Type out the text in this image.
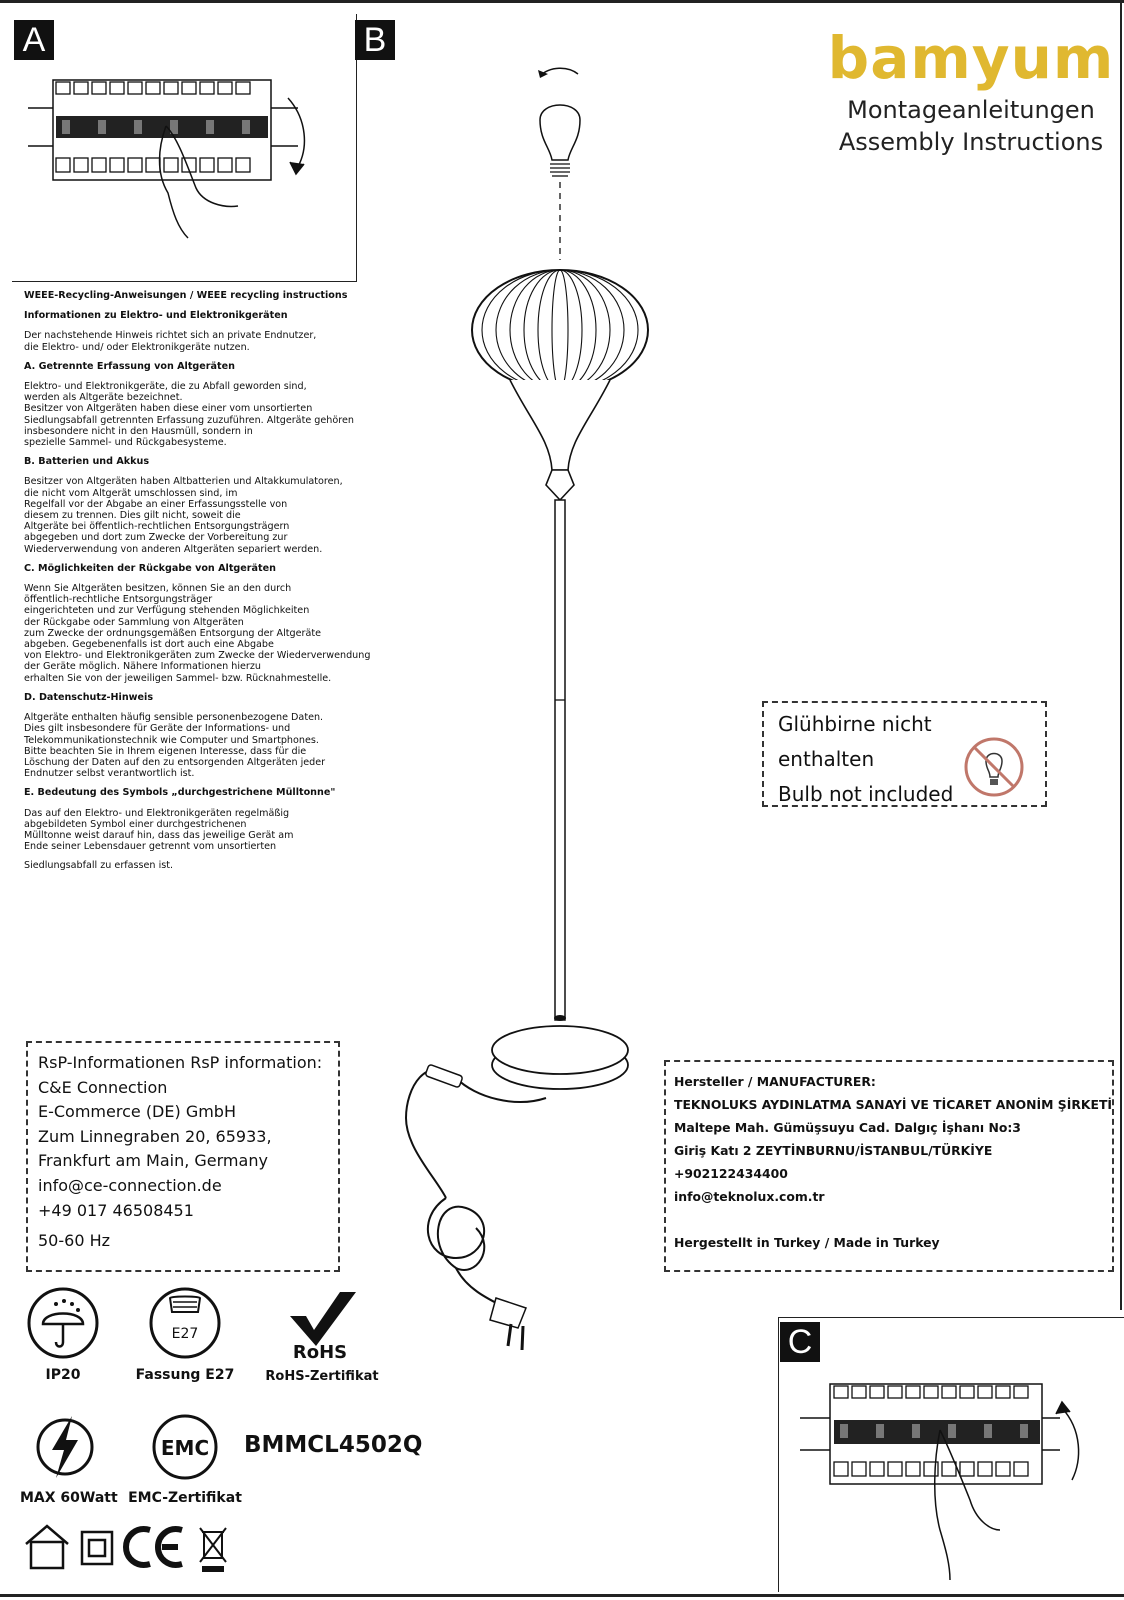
A	B	bamyum
Montageanleitungen
Assembly Instructions
WEEE-Recycling-Anweisungen / WEEE recycling instructions
Informationen zu Elektro- und Elektronikgeräten
Der nachstehende Hinweis richtet sich an private Endnutzer,
die Elektro- und/ oder Elektronikgeräte nutzen.
A. Getrennte Erfassung von Altgeräten
Elektro- und Elektronikgeräte, die zu Abfall geworden sind,
werden als Altgeräte bezeichnet.
Besitzer von Altgeräten haben diese einer vom unsortierten
Siedlungsabfall getrennten Erfassung zuzuführen. Altgeräte gehören
insbesondere nicht in den Hausmüll, sondern in
spezielle Sammel- und Rückgabesysteme.
B. Batterien und Akkus
Besitzer von Altgeräten haben Altbatterien und Altakkumulatoren,
die nicht vom Altgerät umschlossen sind, im
Regelfall vor der Abgabe an einer Erfassungsstelle von
diesem zu trennen. Dies gilt nicht, soweit die
Altgeräte bei öffentlich-rechtlichen Entsorgungsträgern
abgegeben und dort zum Zwecke der Vorbereitung zur
Wiederverwendung von anderen Altgeräten separiert werden.
C. Möglichkeiten der Rückgabe von Altgeräten
Wenn Sie Altgeräten besitzen, können Sie an den durch
öffentlich-rechtliche Entsorgungsträger
eingerichteten und zur Verfügung stehenden Möglichkeiten
der Rückgabe oder Sammlung von Altgeräten
zum Zwecke der ordnungsgemäßen Entsorgung der Altgeräte
abgeben. Gegebenenfalls ist dort auch eine Abgabe
von Elektro- und Elektronikgeräten zum Zwecke der Wiederverwendung
der Geräte möglich. Nähere Informationen hierzu
erhalten Sie von der jeweiligen Sammel- bzw. Rücknahmestelle.
D. Datenschutz-Hinweis
Altgeräte enthalten häufig sensible personenbezogene Daten.
Dies gilt insbesondere für Geräte der Informations- und
Telekommunikationstechnik wie Computer und Smartphones.
Bitte beachten Sie in Ihrem eigenen Interesse, dass für die
Löschung der Daten auf den zu entsorgenden Altgeräten jeder
Endnutzer selbst verantwortlich ist.
E. Bedeutung des Symbols „durchgestrichene Mülltonne"
Das auf den Elektro- und Elektronikgeräten regelmäßig
abgebildeten Symbol einer durchgestrichenen
Mülltonne weist darauf hin, dass das jeweilige Gerät am
Ende seiner Lebensdauer getrennt vom unsortierten
Siedlungsabfall zu erfassen ist.
Glühbirne nicht enthalten
Bulb not included
RsP-Informationen RsP information:
C&E Connection
E-Commerce (DE) GmbH
Zum Linnegraben 20, 65933,
Frankfurt am Main, Germany
info@ce-connection.de
+49 017 46508451
50-60 Hz
Hersteller / MANUFACTURER:
TEKNOLUKS AYDINLATMA SANAYİ VE TİCARET ANONİM ŞİRKETİ
Maltepe Mah. Gümüşsuyu Cad. Dalgıç İşhanı No:3
Giriş Katı 2 ZEYTİNBURNU/İSTANBUL/TÜRKİYE
+902122434400
info@teknolux.com.tr
Hergestellt in Turkey / Made in Turkey
C
IP20
E27
Fassung E27
RoHS
RoHS-Zertifikat
MAX 60Watt
EMC
EMC-Zertifikat
BMMCL4502Q
